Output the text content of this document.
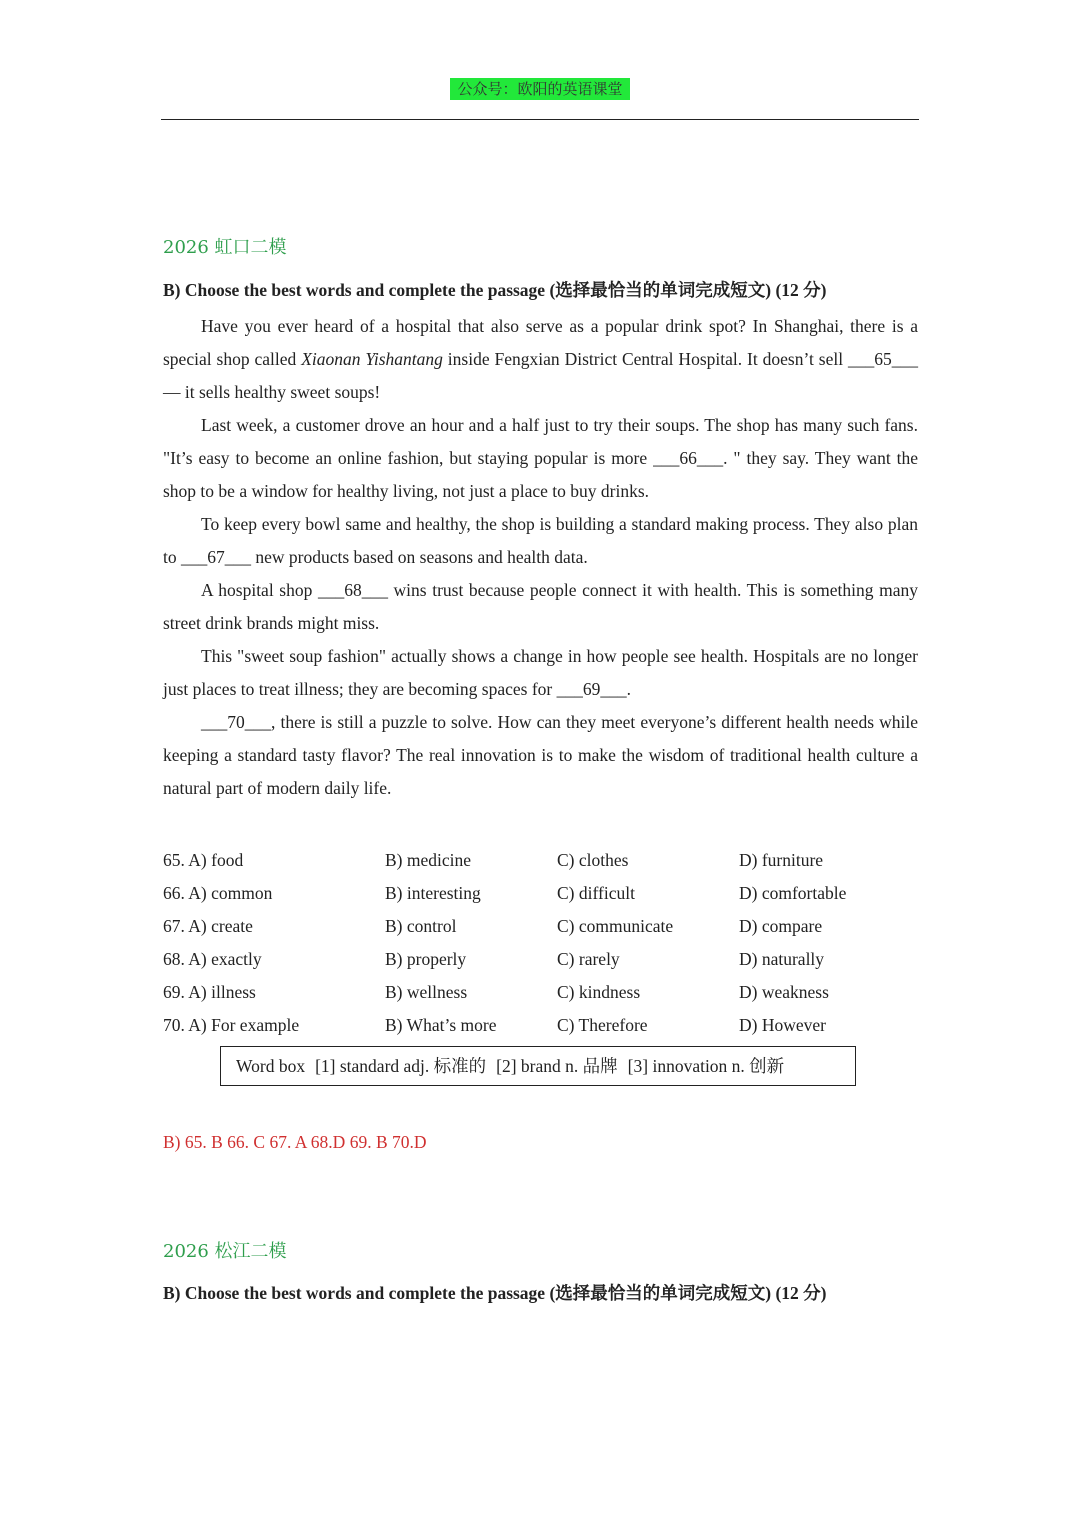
公众号：欧阳的英语课堂
2026 虹口二模
B) Choose the best words and complete the passage (选择最恰当的单词完成短文) (12 分)

Have you ever heard of a hospital that also serve as a popular drink spot? In Shanghai, there is a special shop called Xiaonan Yishantang inside Fengxian District Central Hospital. It doesn’t sell ___65___ — it sells healthy sweet soups!

Last week, a customer drove an hour and a half just to try their soups. The shop has many such fans. "It’s easy to become an online fashion, but staying popular is more ___66___. " they say. They want the shop to be a window for healthy living, not just a place to buy drinks.

To keep every bowl same and healthy, the shop is building a standard making process. They also plan to ___67___ new products based on seasons and health data.

A hospital shop ___68___ wins trust because people connect it with health. This is something many street drink brands might miss.

This "sweet soup fashion" actually shows a change in how people see health. Hospitals are no longer just places to treat illness; they are becoming spaces for ___69___.

___70___, there is still a puzzle to solve. How can they meet everyone’s different health needs while keeping a standard tasty flavor? The real innovation is to make the wisdom of traditional health culture a natural part of modern daily life.

65. A) food	B) medicine	C) clothes	D) furniture
66. A) common	B) interesting	C) difficult	D) comfortable
67. A) create	B) control	C) communicate	D) compare
68. A) exactly	B) properly	C) rarely	D) naturally
69. A) illness	B) wellness	C) kindness	D) weakness
70. A) For example	B) What’s more	C) Therefore	D) However
Word box [1] standard adj. 标准的 [2] brand n. 品牌 [3] innovation n. 创新
B) 65. B 66. C 67. A 68.D 69. B 70.D
2026 松江二模
B) Choose the best words and complete the passage (选择最恰当的单词完成短文) (12 分)
